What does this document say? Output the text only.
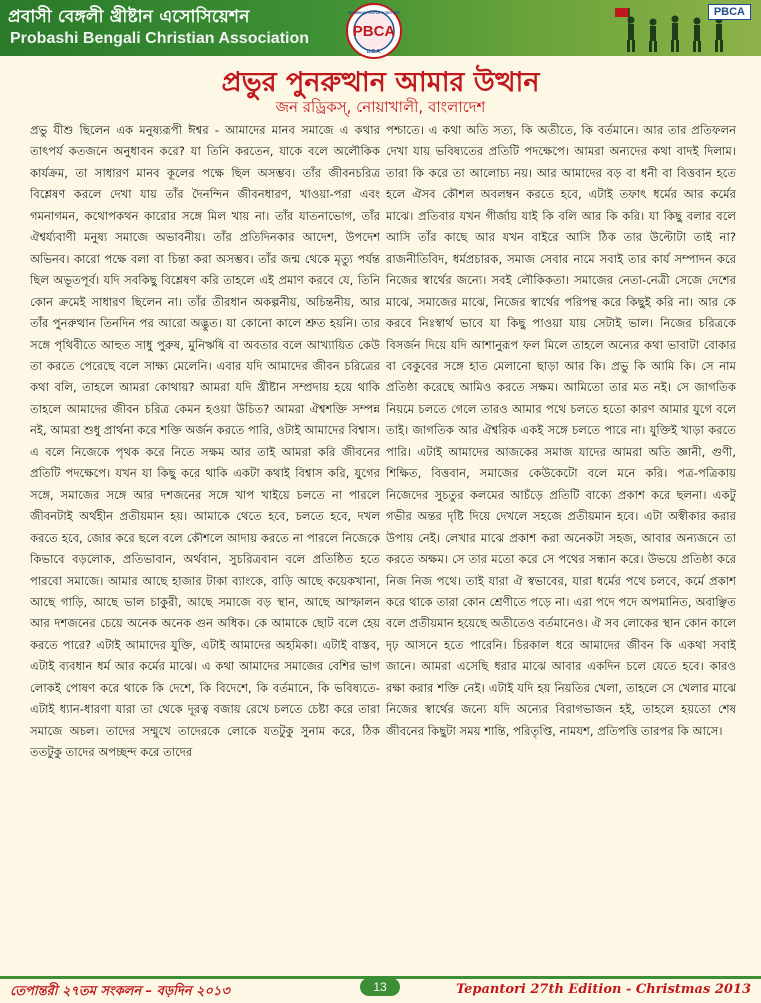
প্রবাসী বেঙ্গলী খ্রীষ্টান এসোসিয়েশন
Probashi Bengali Christian Association	PBCA
WE BRING PEOPLE TOGETHER
U.S.A.
PBCA
প্রভুর পুনরুত্থান আমার উত্থান
জন রড্রিকস্, নোয়াখালী, বাংলাদেশ

প্রভু যীশু ছিলেন এক মনুষ্যরূপী ঈশ্বর - আমাদের মানব সমাজে এ কথার তাৎপর্য কতজনে অনুধাবন করে? যা তিনি করতেন, যাকে বলে অলৌকিক কার্যক্রম, তা সাধারণ মানব কূলের পক্ষে ছিল অসম্ভব। তাঁর জীবনচরিত্র বিশ্লেষণ করলে দেখা যায় তাঁর দৈনন্দিন জীবনধারণ, খাওয়া-পরা এবং গমনাগমন, কথোপকথন কারোর সঙ্গে মিল খায় না। তাঁর যাতনাভোগ, তাঁর ঐশ্বৰ্য্যবাণী মনুষ্য সমাজে অভাবনীয়। তাঁর প্রতিদিনকার আদেশ, উপদেশ অভিনব। কারো পক্ষে বলা বা চিন্তা করা অসম্ভব। তাঁর জন্ম থেকে মৃত্যু পর্যন্ত ছিল অভূতপূর্ব। যদি সবকিছু বিশ্লেষণ করি তাহলে এই প্রমাণ করবে যে, তিনি কোন ক্রমেই সাধারণ ছিলেন না। তাঁর তীরধান অকল্পনীয়, অচিন্তনীয়, আর তাঁর পুনরুত্থান তিনদিন পর আরো অদ্ভুত। যা কোনো কালে শ্রুত হয়নি। তার সঙ্গে পৃথিবীতে আহুত সাধু পুরুষ, মুনিঋষি বা অবতার বলে আখ্যায়িত কেউ তা করতে পেরেছে বলে সাক্ষ্য মেলেনি। এবার যদি আমাদের জীবন চরিত্রের কথা বলি, তাহলে আমরা কোথায়? আমরা যদি খ্রীষ্টান সম্প্রদায় হয়ে থাকি তাহলে আমাদের জীবন চরিত্র কেমন হওয়া উচিত? আমরা ঐশ্বশক্তি সম্পন্ন নই, আমরা শুধু প্রার্থনা করে শক্তি অর্জন করতে পারি, ওটাই আমাদের বিশ্বাস। এ বলে নিজেকে পৃথক করে নিতে সক্ষম আর তাই আমরা করি জীবনের প্রতিটি পদক্ষেপে। যখন যা কিছু করে থাকি একটা কথাই বিশ্বাস করি, যুগের সঙ্গে, সমাজের সঙ্গে আর দশজনের সঙ্গে খাপ খাইয়ে চলতে না পারলে জীবনটাই অর্থহীন প্রতীয়মান হয়। আমাকে থেতে হবে, চলতে হবে, দখল করতে হবে, জোর করে ছলে বলে কৌশলে আদায় করতে না পারলে নিজেকে কিভাবে বড়লোক, প্রতিভাবান, অর্থবান, সুচরিত্রবান বলে প্রতিষ্ঠিত হতে পারবো সমাজে। আমার আছে হাজার টাকা ব্যাংকে, বাড়ি আছে কয়েকখানা, আছে গাড়ি, আছে ভাল চাকুরী, আছে সমাজে বড় স্থান, আছে আস্ফালন আর দশজনের চেয়ে অনেক অনেক গুন অধিক। কে আমাকে ছোট বলে হেয় করতে পারে? এটাই আমাদের যুক্তি, এটাই আমাদের অহমিকা। এটাই বাস্তব, এটাই ব্যবধান ধর্ম আর কর্মের মাঝে। এ কথা আমাদের সমাজের বেশির ভাগ লোকই পোষণ করে থাকে কি দেশে, কি বিদেশে, কি বর্তমানে, কি ভবিষ্যতে-এটাই ধ্যান-ধারণা যারা তা থেকে দূরত্ব বজায় রেখে চলতে চেষ্টা করে তারা সমাজে অচল। তাদের সম্মুখে তাদেরকে লোকে যতটুকু সুনাম করে, ঠিক ততটুকু তাদের অপচ্ছন্দ করে তাদের

পশ্চাতে। এ কথা অতি সত্য, কি অতীতে, কি বর্তমানে। আর তার প্রতিফলন দেখা যায় ভবিষ্যতের প্রতিটি পদক্ষেপে। আমরা অন্যদের কথা বাদই দিলাম। তারা কি করে তা আলোচ্য নয়। আর আমাদের বড় বা ধনী বা বিত্তবান হতে হলে ঐসব কৌশল অবলম্বন করতে হবে, এটাই তফাৎ ধর্মের আর কর্মের মাঝে। প্রতিবার যখন গীর্জায় যাই কি বলি আর কি করি। যা কিছু বলার বলে আসি তাঁর কাছে আর যখন বাইরে আসি ঠিক তার উল্টোটা তাই না? রাজনীতিবিদ, ধর্মপ্রচারক, সমাজ সেবার নামে সবাই তার কার্য সম্পাদন করে নিজের স্বার্থের জন্যে। সবই লৌকিকতা। সমাজের নেতা-নেত্রী সেজে দেশের মাঝে, সমাজের মাঝে, নিজের স্বার্থের পরিপন্থ করে কিছুই করি না। আর কে করবে নিঃস্বার্থ ভাবে যা কিছু পাওয়া যায় সেটাই ভাল। নিজের চরিত্রকে বিসর্জন দিয়ে যদি আশানুরূপ ফল মিলে তাহলে অন্যের কথা ভাবাটা বোকার বা বেকুবের সঙ্গে হাত মেলানো ছাড়া আর কি। প্রভু কি আমি কি। সে নাম প্রতিষ্ঠা করেছে আমিও করতে সক্ষম। আমিতো তার মত নই। সে জাগতিক নিয়মে চলতে গেলে তারও আমার পথে চলতে হতো কারণ আমার যুগে বলে তাই। জাগতিক আর ঐশ্বরিক একই সঙ্গে চলতে পারে না। যুক্তিই খাড়া করতে পারি। এটাই আমাদের আজকের সমাজ যাদের আমরা অতি জ্ঞানী, গুণী, শিক্ষিত, বিত্তবান, সমাজের কেউকেটো বলে মনে করি। পত্র-পত্রিকায় নিজেদের সুচতুর কলমের আচঁড়ে প্রতিটি বাক্যে প্রকাশ করে ছলনা। একটু গভীর অন্তর দৃষ্টি দিয়ে দেখলে সহজে প্রতীয়মান হবে। এটা অস্বীকার করার উপায় নেই। লেখার মাঝে প্রকাশ করা অনেকটা সহজ, আবার অন্যজনে তা করতে অক্ষম। সে তার মতো করে সে পথের সন্ধান করে। উভয়ে প্রতিষ্ঠা করে নিজ নিজ পথে। তাই যারা ঐ স্বভাবের, যারা ধর্মের পথে চলবে, কর্মে প্রকাশ করে থাকে তারা কোন শ্রেণীতে পড়ে না। এরা পদে পদে অপমানিত, অবাঞ্ছিত বলে প্রতীয়মান হয়েছে অতীতেও বর্তমানেও। ঐ সব লোকের স্থান কোন কালে দৃঢ় আসনে হতে পারেনি। চিরকাল ধরে আমাদের জীবন কি একথা সবাই জানে। আমরা এসেছি ধরার মাঝে আবার একদিন চলে যেতে হবে। কারও রক্ষা করার শক্তি নেই। এটাই যদি হয় নিয়তির খেলা, তাহলে সে খেলার মাঝে নিজের স্বার্থের জন্যে যদি অন্যের বিরাগভাজন হই, তাহলে হয়তো শেষ জীবনের কিছুটা সময় শান্তি, পরিতৃপ্তি, নামযশ, প্রতিপত্তি তারপর কি আসে।

তেপান্তরী ২৭তম সংকলন – বড়দিন ২০১৩	13	Tepantori 27th Edition - Christmas 2013
